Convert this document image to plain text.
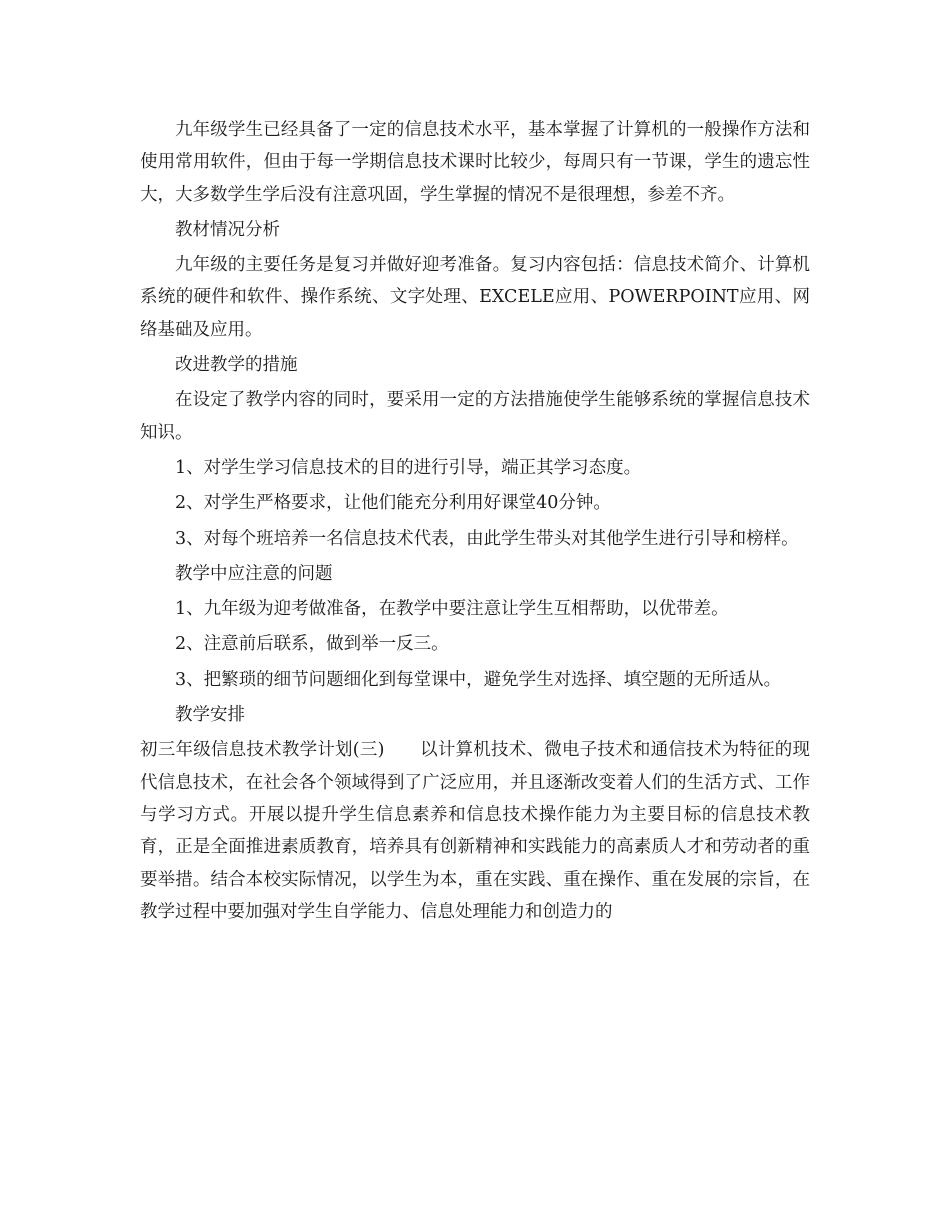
九年级学生已经具备了一定的信息技术水平，基本掌握了计算机的一般操作方法和使用常用软件，但由于每一学期信息技术课时比较少，每周只有一节课，学生的遗忘性大，大多数学生学后没有注意巩固，学生掌握的情况不是很理想，参差不齐。

教材情况分析

九年级的主要任务是复习并做好迎考准备。复习内容包括：信息技术简介、计算机系统的硬件和软件、操作系统、文字处理、EXCELE应用、POWERPOINT应用、网络基础及应用。

改进教学的措施

在设定了教学内容的同时，要采用一定的方法措施使学生能够系统的掌握信息技术知识。

1、对学生学习信息技术的目的进行引导，端正其学习态度。

2、对学生严格要求，让他们能充分利用好课堂40分钟。

3、对每个班培养一名信息技术代表，由此学生带头对其他学生进行引导和榜样。

教学中应注意的问题

1、九年级为迎考做准备，在教学中要注意让学生互相帮助，以优带差。

2、注意前后联系，做到举一反三。

3、把繁琐的细节问题细化到每堂课中，避免学生对选择、填空题的无所适从。

教学安排

初三年级信息技术教学计划(三)　　以计算机技术、微电子技术和通信技术为特征的现代信息技术，在社会各个领域得到了广泛应用，并且逐渐改变着人们的生活方式、工作与学习方式。开展以提升学生信息素养和信息技术操作能力为主要目标的信息技术教育，正是全面推进素质教育，培养具有创新精神和实践能力的高素质人才和劳动者的重要举措。结合本校实际情况，以学生为本，重在实践、重在操作、重在发展的宗旨，在教学过程中要加强对学生自学能力、信息处理能力和创造力的
